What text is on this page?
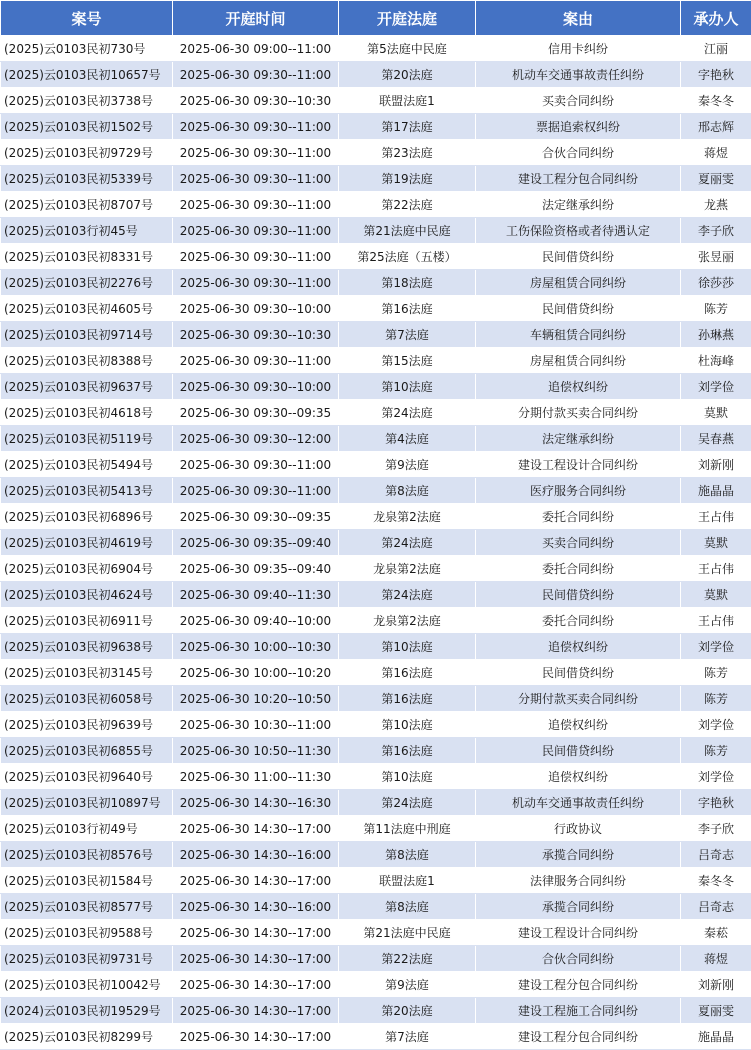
案号	开庭时间	开庭法庭	案由	承办人
(2025)云0103民初730号	2025-06-30 09:00--11:00	第5法庭中民庭	信用卡纠纷	江丽
(2025)云0103民初10657号	2025-06-30 09:30--11:00	第20法庭	机动车交通事故责任纠纷	字艳秋
(2025)云0103民初3738号	2025-06-30 09:30--10:30	联盟法庭1	买卖合同纠纷	秦冬冬
(2025)云0103民初1502号	2025-06-30 09:30--11:00	第17法庭	票据追索权纠纷	邢志辉
(2025)云0103民初9729号	2025-06-30 09:30--11:00	第23法庭	合伙合同纠纷	蒋煜
(2025)云0103民初5339号	2025-06-30 09:30--11:00	第19法庭	建设工程分包合同纠纷	夏丽雯
(2025)云0103民初8707号	2025-06-30 09:30--11:00	第22法庭	法定继承纠纷	龙燕
(2025)云0103行初45号	2025-06-30 09:30--11:00	第21法庭中民庭	工伤保险资格或者待遇认定	李子欣
(2025)云0103民初8331号	2025-06-30 09:30--11:00	第25法庭（五楼）	民间借贷纠纷	张昱丽
(2025)云0103民初2276号	2025-06-30 09:30--11:00	第18法庭	房屋租赁合同纠纷	徐莎莎
(2025)云0103民初4605号	2025-06-30 09:30--10:00	第16法庭	民间借贷纠纷	陈芳
(2025)云0103民初9714号	2025-06-30 09:30--10:30	第7法庭	车辆租赁合同纠纷	孙琳燕
(2025)云0103民初8388号	2025-06-30 09:30--11:00	第15法庭	房屋租赁合同纠纷	杜海峰
(2025)云0103民初9637号	2025-06-30 09:30--10:00	第10法庭	追偿权纠纷	刘学俭
(2025)云0103民初4618号	2025-06-30 09:30--09:35	第24法庭	分期付款买卖合同纠纷	莫默
(2025)云0103民初5119号	2025-06-30 09:30--12:00	第4法庭	法定继承纠纷	吴春燕
(2025)云0103民初5494号	2025-06-30 09:30--11:00	第9法庭	建设工程设计合同纠纷	刘新刚
(2025)云0103民初5413号	2025-06-30 09:30--11:00	第8法庭	医疗服务合同纠纷	施晶晶
(2025)云0103民初6896号	2025-06-30 09:30--09:35	龙泉第2法庭	委托合同纠纷	王占伟
(2025)云0103民初4619号	2025-06-30 09:35--09:40	第24法庭	买卖合同纠纷	莫默
(2025)云0103民初6904号	2025-06-30 09:35--09:40	龙泉第2法庭	委托合同纠纷	王占伟
(2025)云0103民初4624号	2025-06-30 09:40--11:30	第24法庭	民间借贷纠纷	莫默
(2025)云0103民初6911号	2025-06-30 09:40--10:00	龙泉第2法庭	委托合同纠纷	王占伟
(2025)云0103民初9638号	2025-06-30 10:00--10:30	第10法庭	追偿权纠纷	刘学俭
(2025)云0103民初3145号	2025-06-30 10:00--10:20	第16法庭	民间借贷纠纷	陈芳
(2025)云0103民初6058号	2025-06-30 10:20--10:50	第16法庭	分期付款买卖合同纠纷	陈芳
(2025)云0103民初9639号	2025-06-30 10:30--11:00	第10法庭	追偿权纠纷	刘学俭
(2025)云0103民初6855号	2025-06-30 10:50--11:30	第16法庭	民间借贷纠纷	陈芳
(2025)云0103民初9640号	2025-06-30 11:00--11:30	第10法庭	追偿权纠纷	刘学俭
(2025)云0103民初10897号	2025-06-30 14:30--16:30	第24法庭	机动车交通事故责任纠纷	字艳秋
(2025)云0103行初49号	2025-06-30 14:30--17:00	第11法庭中刑庭	行政协议	李子欣
(2025)云0103民初8576号	2025-06-30 14:30--16:00	第8法庭	承揽合同纠纷	吕奇志
(2025)云0103民初1584号	2025-06-30 14:30--17:00	联盟法庭1	法律服务合同纠纷	秦冬冬
(2025)云0103民初8577号	2025-06-30 14:30--16:00	第8法庭	承揽合同纠纷	吕奇志
(2025)云0103民初9588号	2025-06-30 14:30--17:00	第21法庭中民庭	建设工程设计合同纠纷	秦菘
(2025)云0103民初9731号	2025-06-30 14:30--17:00	第22法庭	合伙合同纠纷	蒋煜
(2025)云0103民初10042号	2025-06-30 14:30--17:00	第9法庭	建设工程分包合同纠纷	刘新刚
(2024)云0103民初19529号	2025-06-30 14:30--17:00	第20法庭	建设工程施工合同纠纷	夏丽雯
(2025)云0103民初8299号	2025-06-30 14:30--17:00	第7法庭	建设工程分包合同纠纷	施晶晶
